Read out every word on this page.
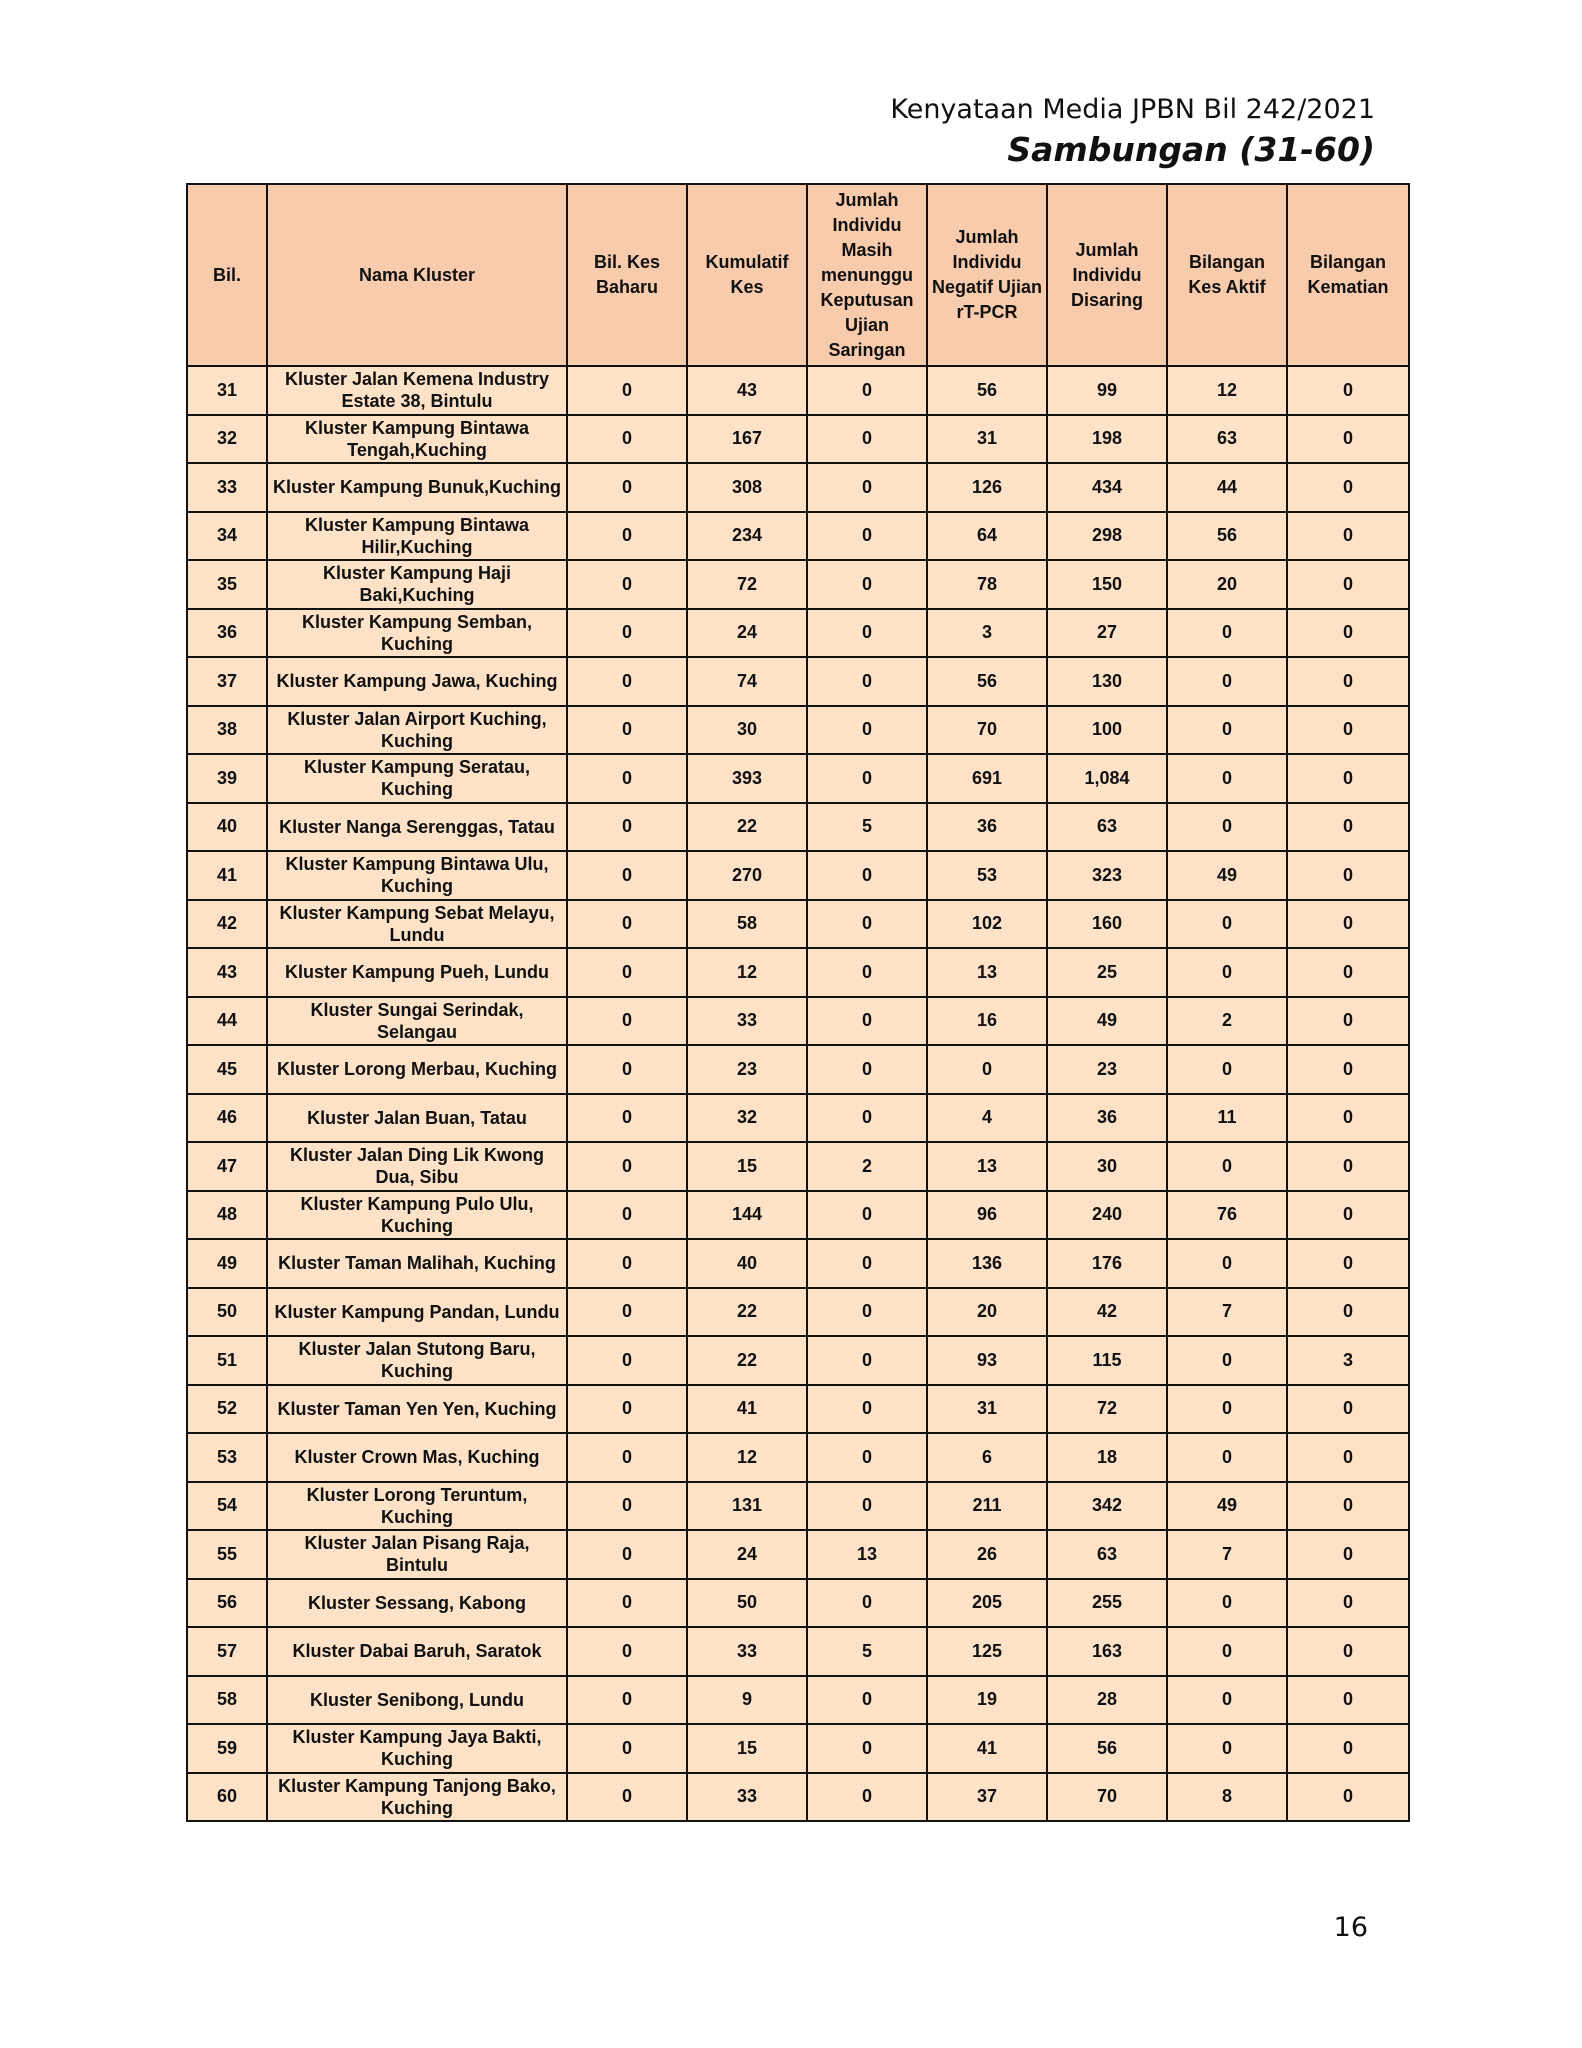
Kenyataan Media JPBN Bil 242/2021
Sambungan (31-60)
Bil.	Nama Kluster	Bil. Kes Baharu	Kumulatif Kes	Jumlah Individu Masih menunggu Keputusan Ujian Saringan	Jumlah Individu Negatif Ujian rT-PCR	Jumlah Individu Disaring	Bilangan Kes Aktif	Bilangan Kematian
31	Kluster Jalan Kemena Industry Estate 38, Bintulu	0	43	0	56	99	12	0
32	Kluster Kampung Bintawa Tengah,Kuching	0	167	0	31	198	63	0
33	Kluster Kampung Bunuk,Kuching	0	308	0	126	434	44	0
34	Kluster Kampung Bintawa Hilir,Kuching	0	234	0	64	298	56	0
35	Kluster Kampung Haji Baki,Kuching	0	72	0	78	150	20	0
36	Kluster Kampung Semban, Kuching	0	24	0	3	27	0	0
37	Kluster Kampung Jawa, Kuching	0	74	0	56	130	0	0
38	Kluster Jalan Airport Kuching, Kuching	0	30	0	70	100	0	0
39	Kluster Kampung Seratau, Kuching	0	393	0	691	1,084	0	0
40	Kluster Nanga Serenggas, Tatau	0	22	5	36	63	0	0
41	Kluster Kampung Bintawa Ulu, Kuching	0	270	0	53	323	49	0
42	Kluster Kampung Sebat Melayu, Lundu	0	58	0	102	160	0	0
43	Kluster Kampung Pueh, Lundu	0	12	0	13	25	0	0
44	Kluster Sungai Serindak, Selangau	0	33	0	16	49	2	0
45	Kluster Lorong Merbau, Kuching	0	23	0	0	23	0	0
46	Kluster Jalan Buan, Tatau	0	32	0	4	36	11	0
47	Kluster Jalan Ding Lik Kwong Dua, Sibu	0	15	2	13	30	0	0
48	Kluster Kampung Pulo Ulu, Kuching	0	144	0	96	240	76	0
49	Kluster Taman Malihah, Kuching	0	40	0	136	176	0	0
50	Kluster Kampung Pandan, Lundu	0	22	0	20	42	7	0
51	Kluster Jalan Stutong Baru, Kuching	0	22	0	93	115	0	3
52	Kluster Taman Yen Yen, Kuching	0	41	0	31	72	0	0
53	Kluster Crown Mas, Kuching	0	12	0	6	18	0	0
54	Kluster Lorong Teruntum, Kuching	0	131	0	211	342	49	0
55	Kluster Jalan Pisang Raja, Bintulu	0	24	13	26	63	7	0
56	Kluster Sessang, Kabong	0	50	0	205	255	0	0
57	Kluster Dabai Baruh, Saratok	0	33	5	125	163	0	0
58	Kluster Senibong, Lundu	0	9	0	19	28	0	0
59	Kluster Kampung Jaya Bakti, Kuching	0	15	0	41	56	0	0
60	Kluster Kampung Tanjong Bako, Kuching	0	33	0	37	70	8	0
16
